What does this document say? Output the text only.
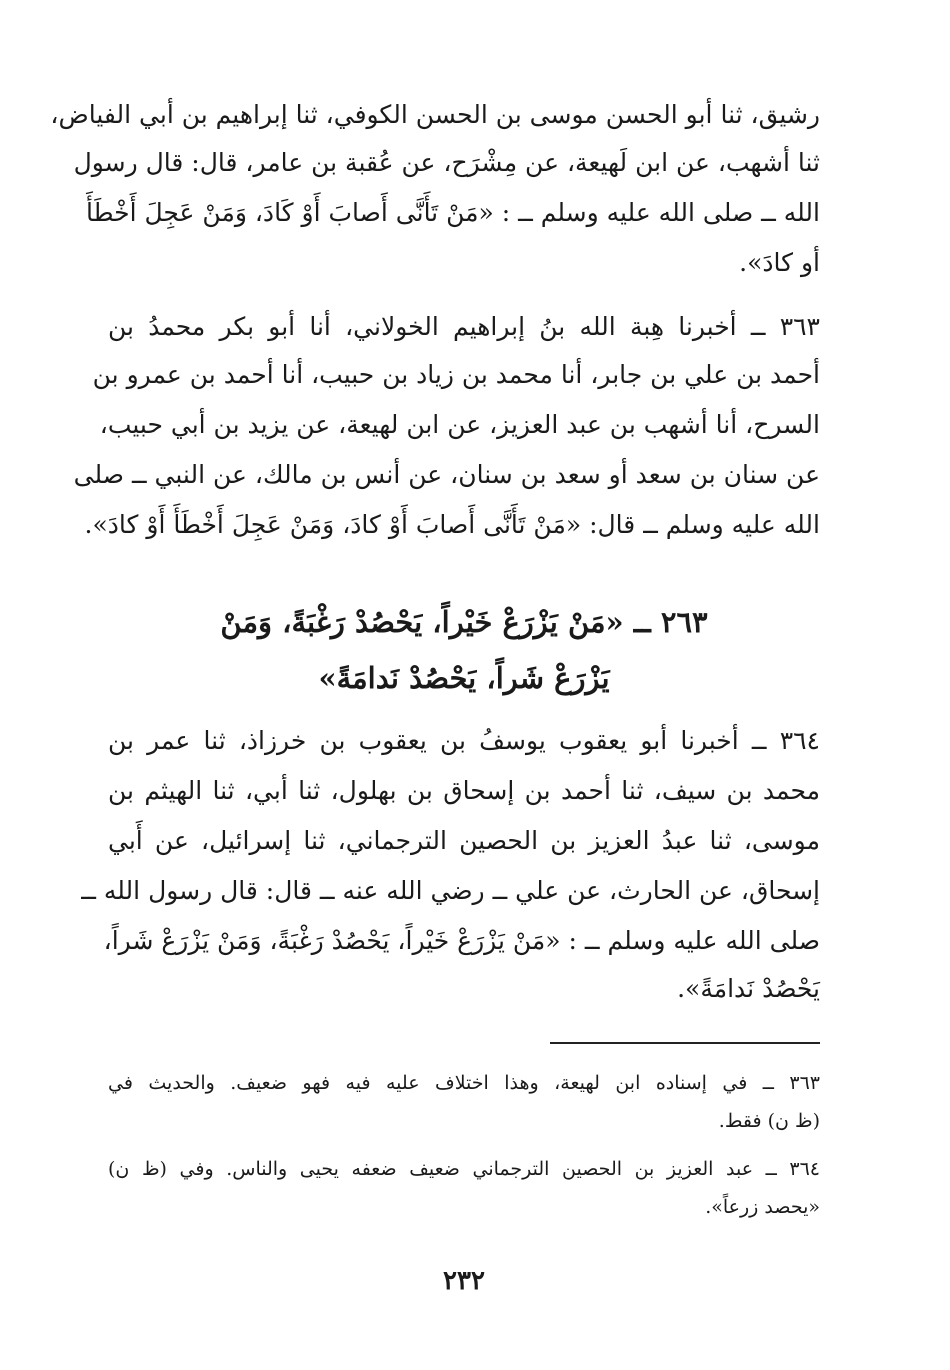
رشيق، ثنا أبو الحسن موسى بن الحسن الكوفي، ثنا إبراهيم بن أبي الفياض،
ثنا أشهب، عن ابن لَهيعة، عن مِشْرَح، عن عُقبة بن عامر، قال: قال رسول
الله ــ صلى الله عليه وسلم ــ : «مَنْ تَأَنَّى أَصابَ أَوْ كَادَ، وَمَنْ عَجِلَ أَخْطَأَ
أو كادَ».
٣٦٣ ــ أخبرنا هِبة الله بنُ إبراهيم الخولاني، أنا أبو بكر محمدُ بن
أحمد بن علي بن جابر، أنا محمد بن زياد بن حبيب، أنا أحمد بن عمرو بن
السرح، أنا أشهب بن عبد العزيز، عن ابن لهيعة، عن يزيد بن أبي حبيب،
عن سنان بن سعد أو سعد بن سنان، عن أنس بن مالك، عن النبي ــ صلى
الله عليه وسلم ــ قال: «مَنْ تَأَنَّى أَصابَ أَوْ كادَ، وَمَنْ عَجِلَ أَخْطَأَ أَوْ كادَ».
٢٦٣ ــ «مَنْ يَزْرَعْ خَيْراً، يَحْصُدْ رَغْبَةً، وَمَنْ
يَزْرَعْ شَراً، يَحْصُدْ نَدامَةً»
٣٦٤ ــ أخبرنا أبو يعقوب يوسفُ بن يعقوب بن خرزاذ، ثنا عمر بن
محمد بن سيف، ثنا أحمد بن إسحاق بن بهلول، ثنا أبي، ثنا الهيثم بن
موسى، ثنا عبدُ العزيز بن الحصين الترجماني، ثنا إسرائيل، عن أَبي
إسحاق، عن الحارث، عن علي ــ رضي الله عنه ــ قال: قال رسول الله ــ
صلى الله عليه وسلم ــ : «مَنْ يَزْرَعْ خَيْراً، يَحْصُدْ رَغْبَةً، وَمَنْ يَزْرَعْ شَراً،
يَحْصُدْ نَدامَةً».
٣٦٣ ــ في إسناده ابن لهيعة، وهذا اختلاف عليه فيه فهو ضعيف. والحديث في
(ظ ن) فقط.
٣٦٤ ــ عبد العزيز بن الحصين الترجماني ضعيف ضعفه يحيى والناس. وفي (ظ ن)
«يحصد زرعاً».
٢٣٢
